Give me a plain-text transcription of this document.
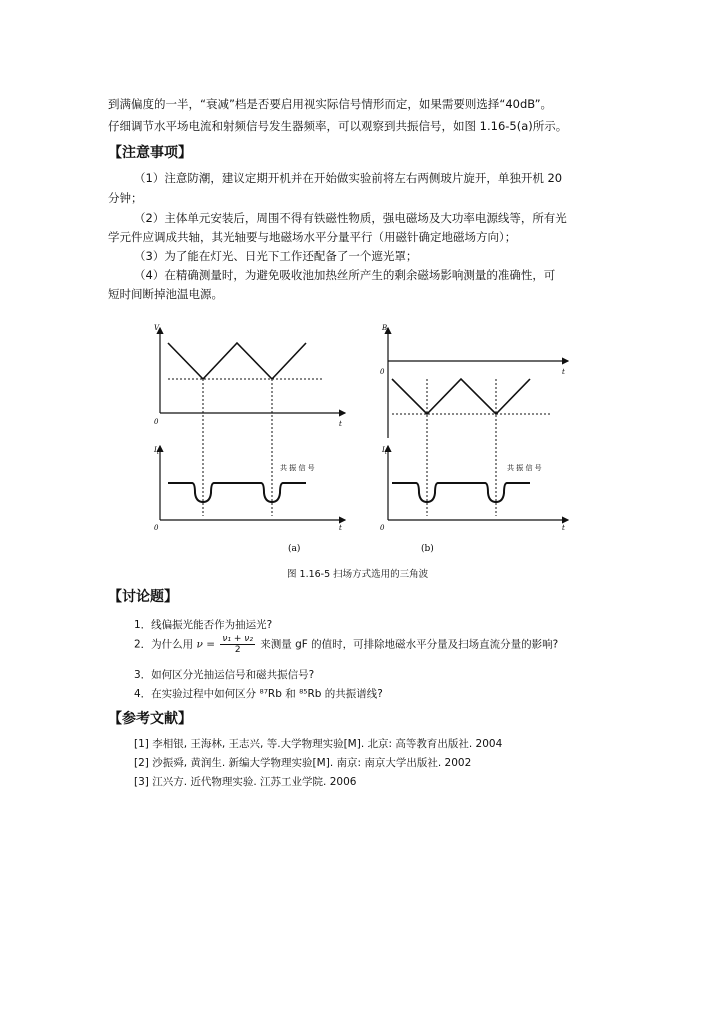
到满偏度的一半，“衰减”档是否要启用视实际信号情形而定，如果需要则选择“40dB”。
仔细调节水平场电流和射频信号发生器频率，可以观察到共振信号，如图 1.16-5(a)所示。
【注意事项】
（1）注意防潮，建议定期开机并在开始做实验前将左右两侧玻片旋开，单独开机 20
分钟；
（2）主体单元安装后，周围不得有铁磁性物质，强电磁场及大功率电源线等，所有光
学元件应调成共轴，其光轴要与地磁场水平分量平行（用磁针确定地磁场方向）；
（3）为了能在灯光、日光下工作还配备了一个遮光罩；
（4）在精确测量时，为避免吸收池加热丝所产生的剩余磁场影响测量的准确性，可
短时间断掉池温电源。
V
0	t
$I_t$
0	t
共 振 信 号
(a)
B
0	t
$I_t$
0	t
共 振 信 号
(b)
图 1.16-5 扫场方式选用的三角波
【讨论题】
1．线偏振光能否作为抽运光?
2．为什么用 $\nu = \frac{\text{ν₁ + ν₂}}{2}$ 来测量 gF 的值时，可排除地磁水平分量及扫场直流分量的影响?
3．如何区分光抽运信号和磁共振信号?
4．在实验过程中如何区分 ⁸⁷Rb 和 ⁸⁵Rb 的共振谱线?
【参考文献】
[1] 李相银, 王海林, 王志兴, 等.大学物理实验[M]. 北京: 高等教育出版社. 2004
[2] 沙振舜, 黄润生. 新编大学物理实验[M]. 南京: 南京大学出版社. 2002
[3] 江兴方. 近代物理实验. 江苏工业学院. 2006
